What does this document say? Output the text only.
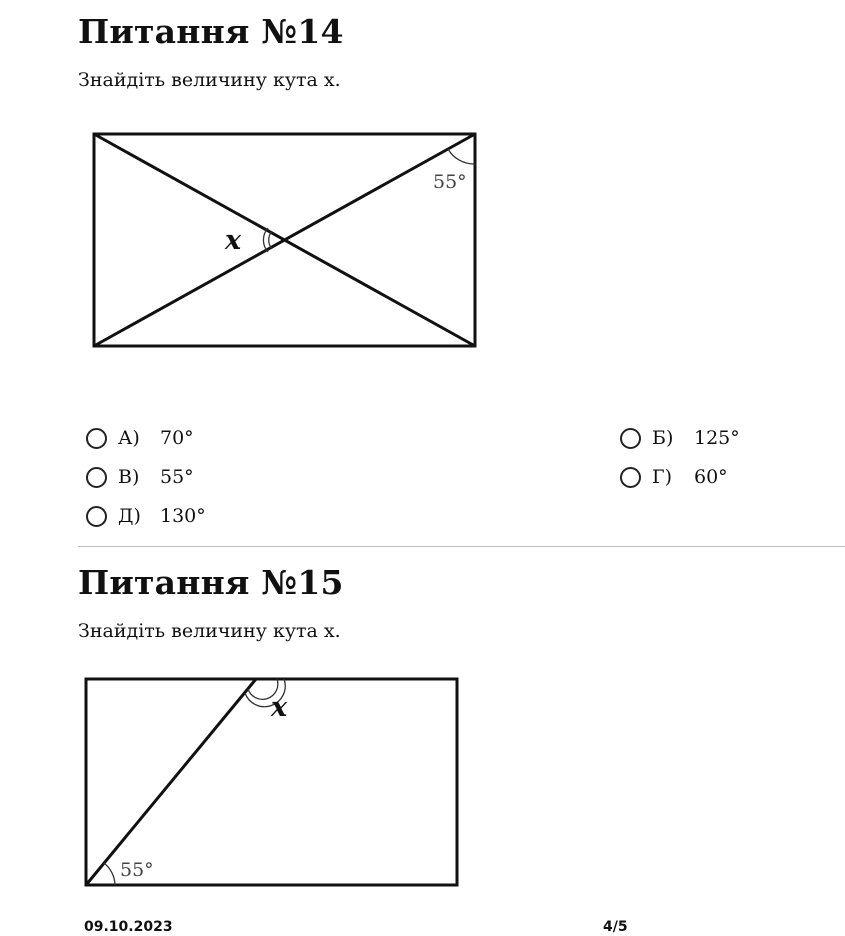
Питання №14

Знайдіть величину кута х.

55°
x
А)	70°	Б)	125°
В)	55°	Г)	60°
Д)	130°
Питання №15

Знайдіть величину кута х.

55°
x
09.10.2023	4/5
